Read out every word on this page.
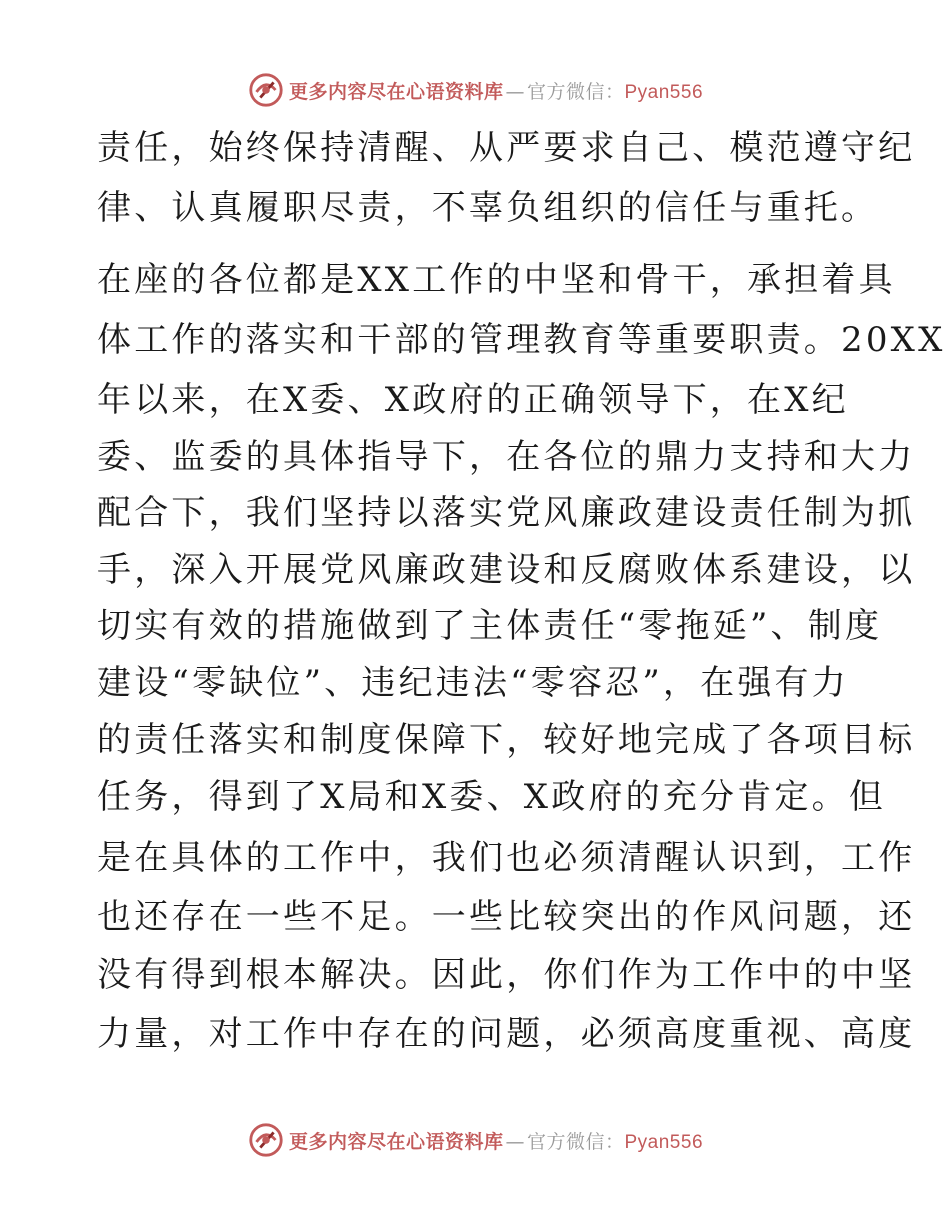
更多内容尽在心语资料库 — 官方微信：Pyan556
责任，始终保持清醒、从严要求自己、模范遵守纪
律、认真履职尽责，不辜负组织的信任与重托。
在座的各位都是XX工作的中坚和骨干，承担着具
体工作的落实和干部的管理教育等重要职责。20XX
年以来，在X委、X政府的正确领导下，在X纪
委、监委的具体指导下，在各位的鼎力支持和大力
配合下，我们坚持以落实党风廉政建设责任制为抓
手，深入开展党风廉政建设和反腐败体系建设，以
切实有效的措施做到了主体责任“零拖延”、制度
建设“零缺位”、违纪违法“零容忍”，在强有力
的责任落实和制度保障下，较好地完成了各项目标
任务，得到了X局和X委、X政府的充分肯定。但
是在具体的工作中，我们也必须清醒认识到，工作
也还存在一些不足。一些比较突出的作风问题，还
没有得到根本解决。因此，你们作为工作中的中坚
力量，对工作中存在的问题，必须高度重视、高度
更多内容尽在心语资料库 — 官方微信：Pyan556
